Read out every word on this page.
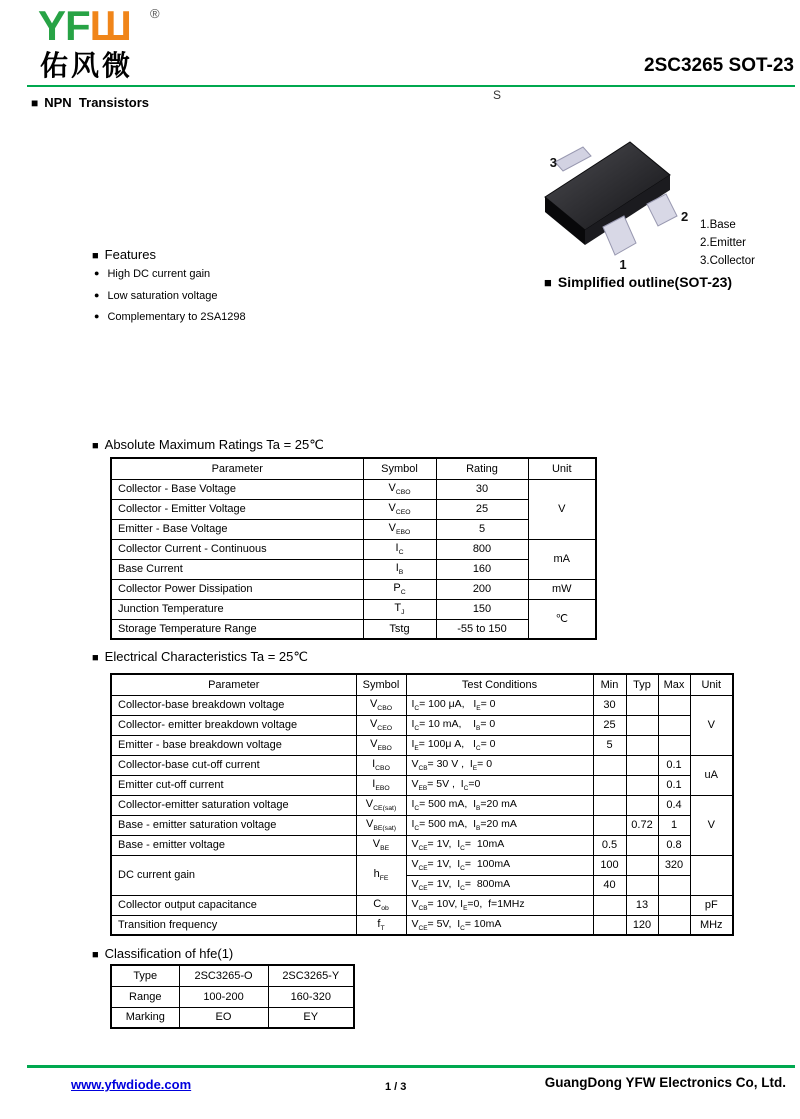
YFШ ®
佑风微	2SC3265 SOT-23
■ NPN  Transistors	S
3
1
2
1.Base
2.Emitter
3.Collector
■ Simplified outline(SOT-23)
■ Features
● High DC current gain
● Low saturation voltage
● Complementary to 2SA1298
■ Absolute Maximum Ratings Ta = 25℃
Parameter	Symbol	Rating	Unit
Collector - Base Voltage	$V_{CBO}$	30	V
Collector - Emitter Voltage	$V_{CEO}$	25	
Emitter - Base Voltage	$V_{EBO}$	5	
Collector Current - Continuous	$I_C$	800	mA
Base Current	$I_B$	160	
Collector Power Dissipation	$P_C$	200	mW
Junction Temperature	$T_J$	150	℃
Storage Temperature Range	Tstg	-55 to 150	
■ Electrical Characteristics Ta = 25℃
Parameter	Symbol	Test Conditions	Min	Typ	Max	Unit
Collector-base breakdown voltage	$V_{CBO}$	$I_C= 100$ μA,   $I_E= 0$	30			V
Collector- emitter breakdown voltage	$V_{CEO}$	$I_C= 10$ mA,    $I_B= 0$	25			
Emitter - base breakdown voltage	$V_{EBO}$	$I_E= 100\mu$ A,   $I_C= 0$	5			
Collector-base cut-off current	$I_{CBO}$	$V_{CB}= 30$ V ,  $I_E= 0$			0.1	uA
Emitter cut-off current	$I_{EBO}$	$V_{EB}= 5V$ ,  $I_C=0$			0.1	
Collector-emitter saturation voltage	$V_{CE(sat)}$	$I_C= 500$ mA,  $I_B=20$ mA			0.4	V
Base - emitter saturation voltage	$V_{BE(sat)}$	$I_C= 500$ mA,  $I_B=20$ mA		0.72	1	
Base - emitter voltage	$V_{BE}$	$V_{CE}= 1V$,  $I_C= 10mA$	0.5		0.8	
DC current gain	$h_{FE}$	$V_{CE}= 1V$,  $I_C= 100mA$	100		320	
		$V_{CE}= 1V$,  $I_C= 800mA$	40			
Collector output capacitance	$C_{ob}$	$V_{CB}= 10V$, $I_E=0$,  f=1MHz		13		pF
Transition frequency	$f_T$	$V_{CE}= 5V$,  $I_C= 10mA$		120		MHz
■ Classification of hfe(1)
Type	2SC3265-O	2SC3265-Y
Range	100-200	160-320
Marking	EO	EY
www.yfwdiode.com	1 / 3	GuangDong YFW Electronics Co, Ltd.
